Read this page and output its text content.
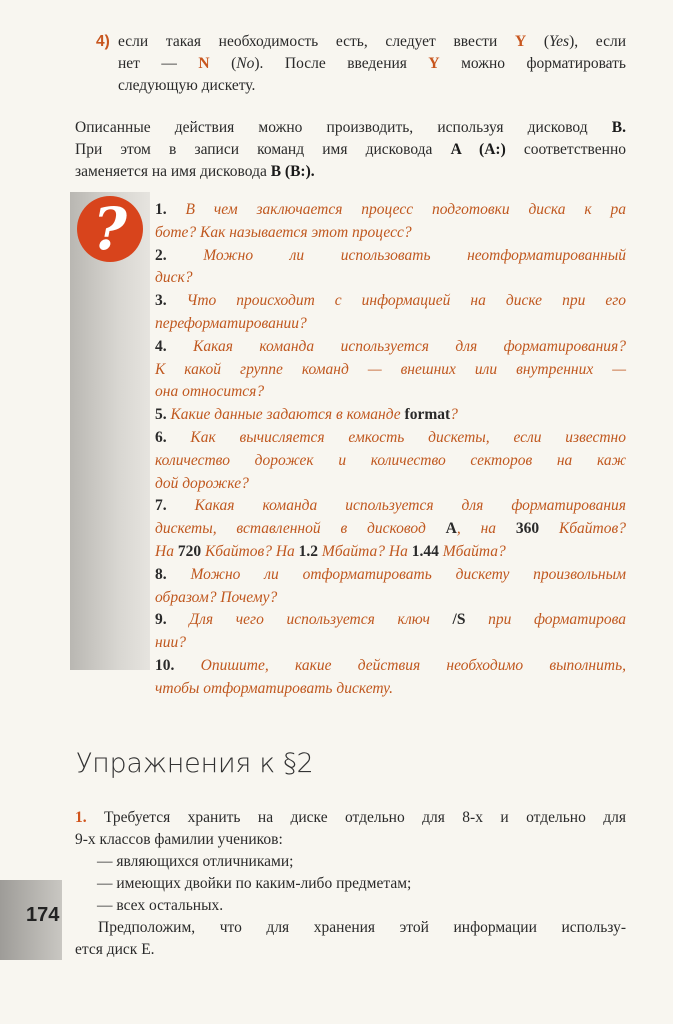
4) если такая необходимость есть, следует ввести Y (Yes), если
нет — N (No). После введения Y можно форматировать
следующую дискету.
Описанные действия можно производить, используя дисковод B.
При этом в записи команд имя дисковода A (A:) соответственно
заменяется на имя дисковода B (B:).
?	1. В чем заключается процесс подготовки диска к ра
боте? Как называется этот процесс?
2. Можно ли использовать неотформатированный
диск?
3. Что происходит с информацией на диске при его
переформатировании?
4. Какая команда используется для форматирования?
К какой группе команд — внешних или внутренних —
она относится?
5. Какие данные задаются в команде format?
6. Как вычисляется емкость дискеты, если известно
количество дорожек и количество секторов на каж
дой дорожке?
7. Какая команда используется для форматирования
дискеты, вставленной в дисковод A, на 360 Кбайтов?
На 720 Кбайтов? На 1.2 Мбайта? На 1.44 Мбайта?
8. Можно ли отформатировать дискету произвольным
образом? Почему?
9. Для чего используется ключ /S при форматирова
нии?
10. Опишите, какие действия необходимо выполнить,
чтобы отформатировать дискету.
Упражнения к §2
1. Требуется хранить на диске отдельно для 8-х и отдельно для
9-х классов фамилии учеников:
— являющихся отличниками;
— имеющих двойки по каким-либо предметам;
— всех остальных.
Предположим, что для хранения этой информации использу-
ется диск E.
174
